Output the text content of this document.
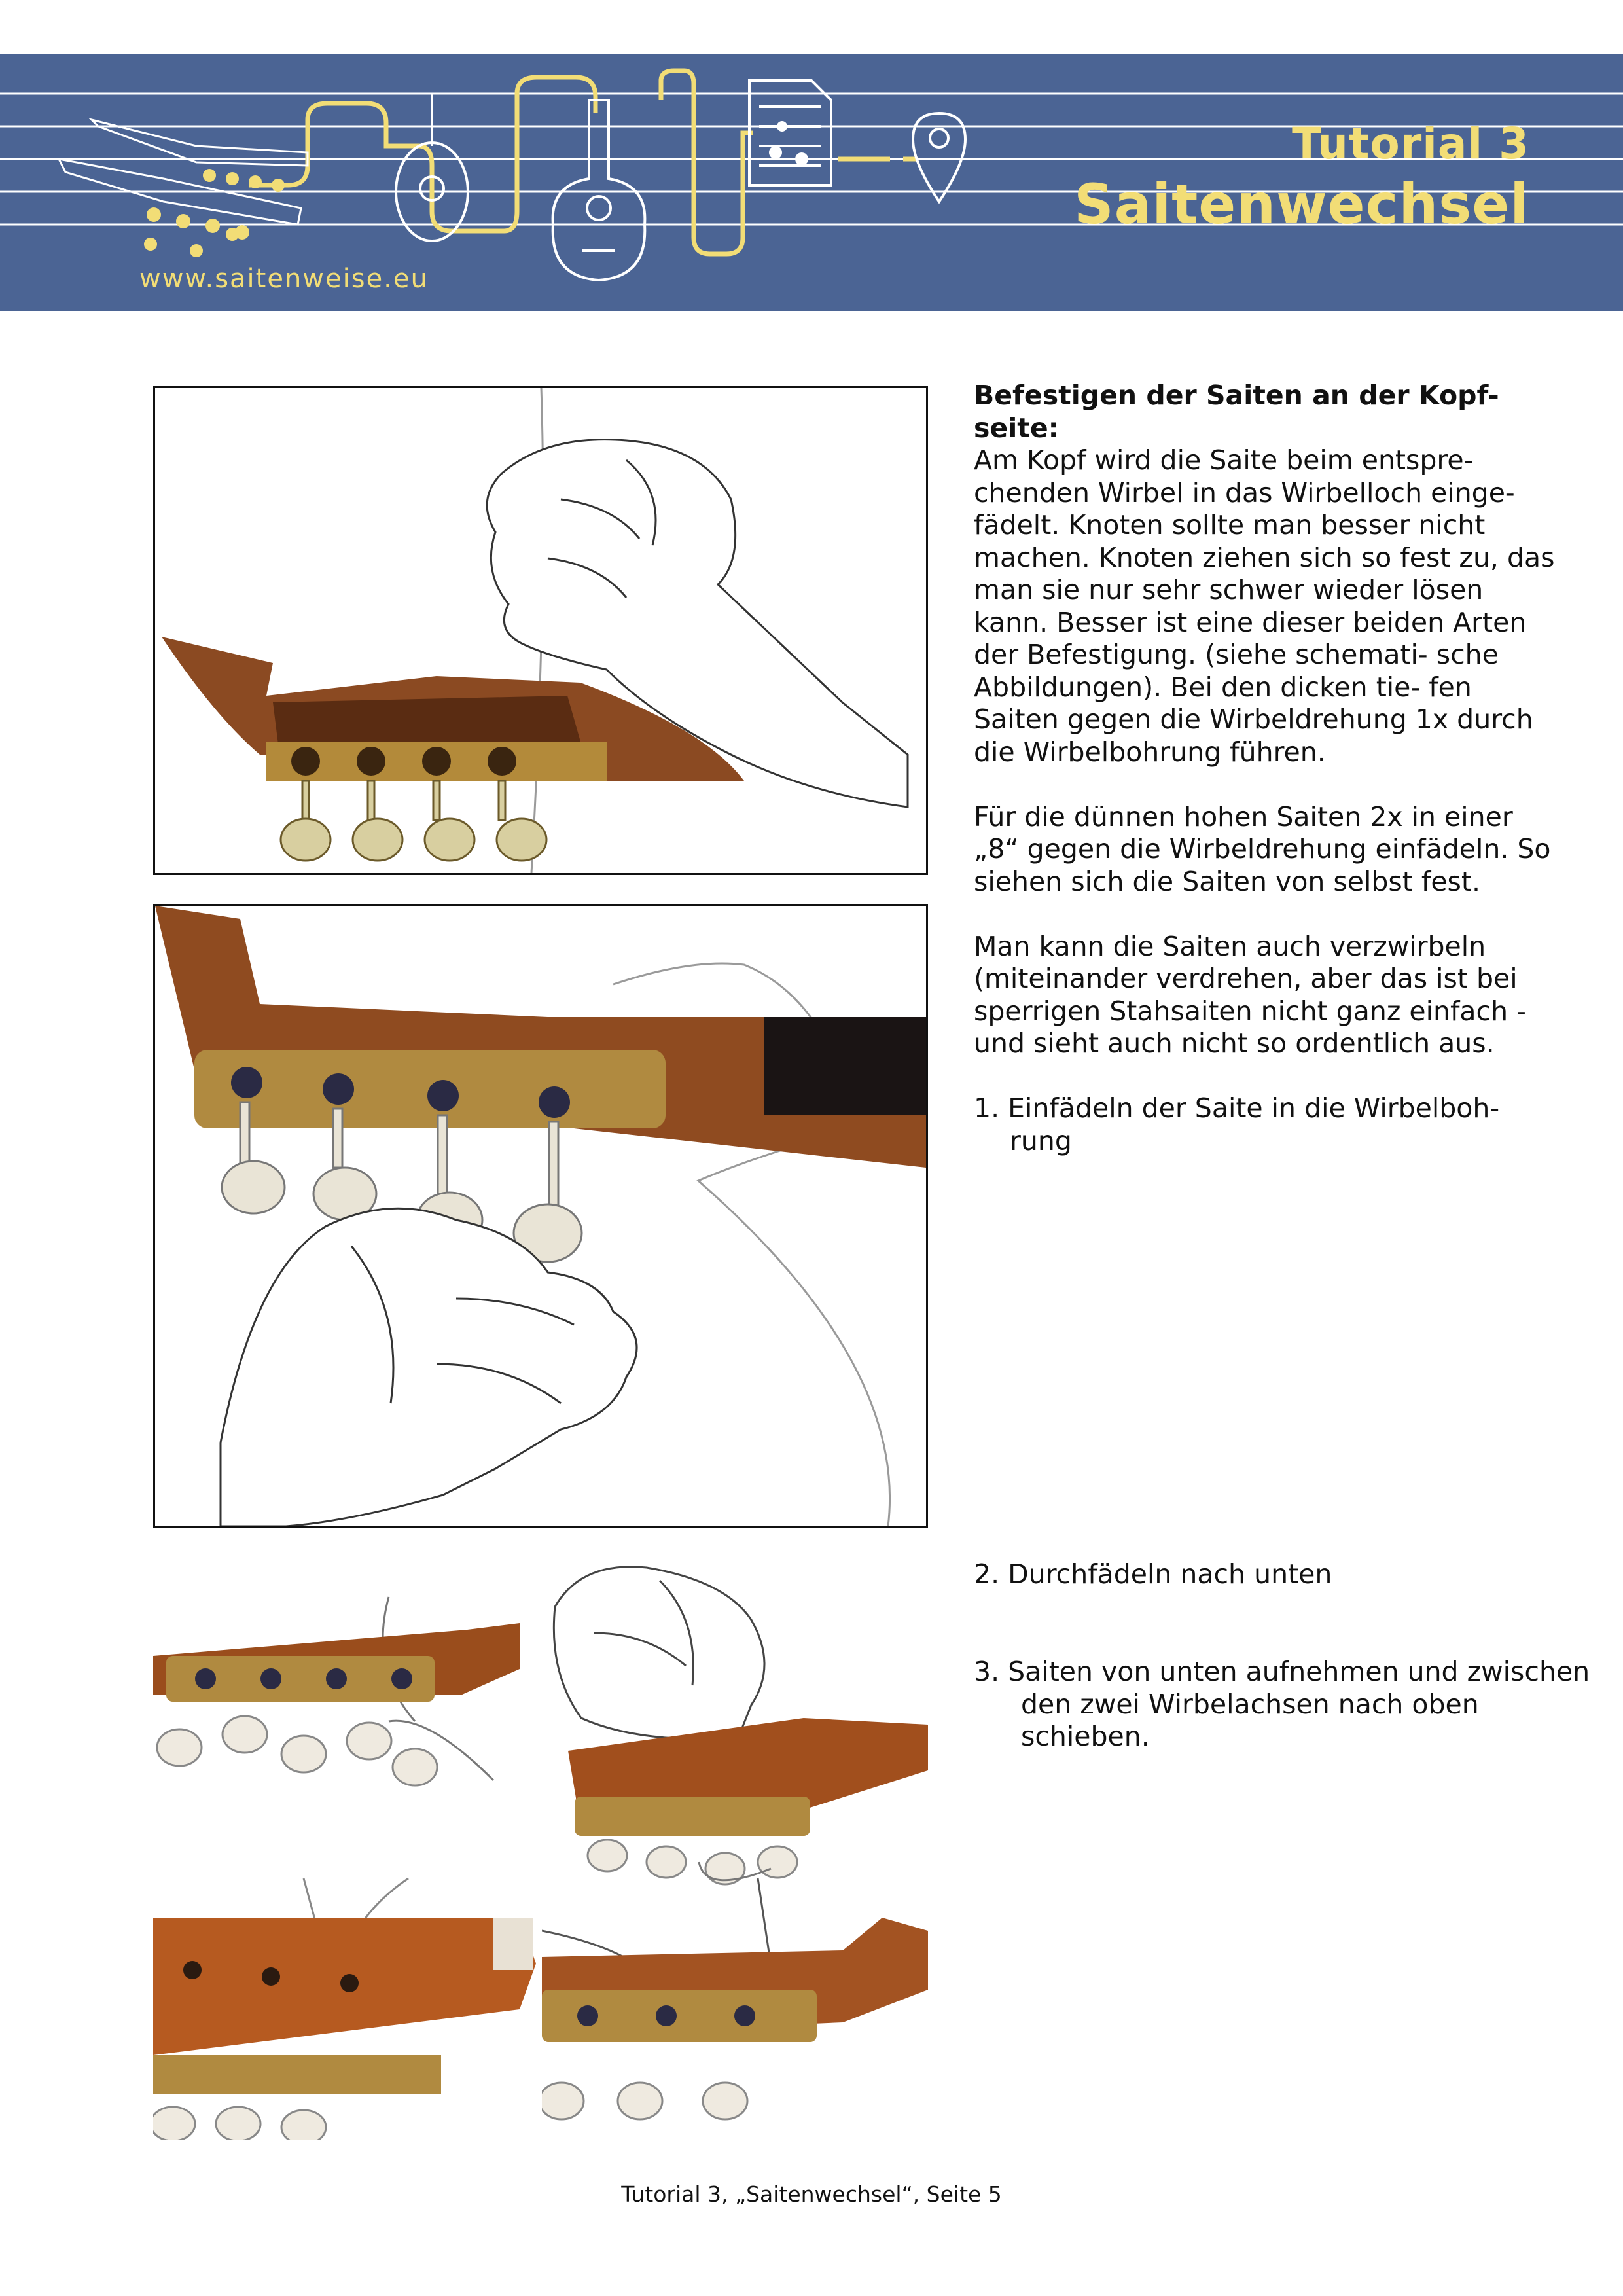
www.saitenweise.eu
Tutorial 3
Saitenwechsel

Befestigen der Saiten an der Kopf- seite:

Am Kopf wird die Saite beim entspre- chenden Wirbel in das Wirbelloch einge- fädelt. Knoten sollte man besser nicht machen. Knoten ziehen sich so fest zu, das man sie nur sehr schwer wieder lösen kann. Besser ist eine dieser beiden Arten der Befestigung. (siehe schemati- sche Abbildungen). Bei den dicken tie- fen Saiten gegen die Wirbeldrehung 1x durch die Wirbelbohrung führen.

Für die dünnen hohen Saiten 2x in einer „8“ gegen die Wirbeldrehung einfädeln. So siehen sich die Saiten von selbst fest.

Man kann die Saiten auch verzwirbeln (miteinander verdrehen, aber das ist bei sperrigen Stahsaiten nicht ganz einfach - und sieht auch nicht so ordentlich aus.

1. Einfädeln der Saite in die Wirbelboh- rung

2. Durchfädeln nach unten
3. Saiten von unten aufnehmen und zwischen den zwei Wirbelachsen nach oben schieben.
Tutorial 3, „Saitenwechsel“, Seite 5
